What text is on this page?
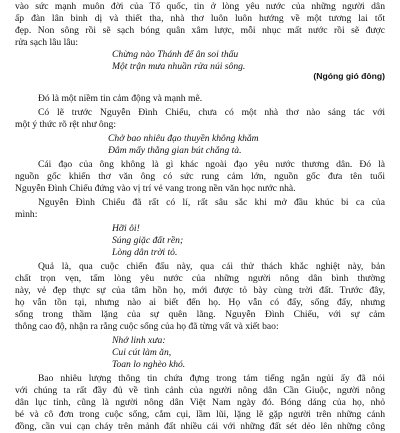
vào sức mạnh muôn đời của Tổ quốc, tin ở lòng yêu nước của những người dân
ấp đàn lân binh dị và thiết tha, nhà thơ luôn luôn hướng về một tương lai tốt
đẹp. Non sông rồi sẽ sạch bóng quân xâm lược, mỗi nhục mất nước rồi sẽ được
rửa sạch lâu lâu:
Chừng nào Thánh đế ân soi thấu
Một trận mưa nhuần rửa núi sông.
(Ngóng gió đông)
Đó là một niềm tin cảm động và mạnh mẽ.
Có lẽ trước Nguyễn Đình Chiểu, chưa có một nhà thơ nào sáng tác với
một ý thức rõ rệt như ông:
Chở bao nhiêu đạo thuyền không khẳm
Đâm mấy thằng gian bút chẳng tà.
Cái đạo của ông không là gì khác ngoài đạo yêu nước thương dân. Đó là
nguồn gốc khiến thơ văn ông có sức rung cảm lớn, nguồn gốc đưa tên tuổi
Nguyễn Đình Chiểu đứng vào vị trí vẻ vang trong nền văn học nước nhà.
Nguyễn Đình Chiểu đã rất có lí, rất sâu sắc khi mở đầu khúc bi ca của
mình:
Hỡi ôi!
Súng giặc đất rền;
Lòng dân trời tỏ.
Quả là, qua cuộc chiến đấu này, qua cái thử thách khắc nghiệt này, bản
chất trọn vẹn, tấm lòng yêu nước của những người nông dân bình thường
này, vẻ đẹp thực sự của tâm hồn họ, mới được tỏ bày cùng trời đất. Trước đây,
họ vẫn tồn tại, nhưng nào ai biết đến họ. Họ vẫn có đấy, sống đấy, nhưng
sống trong thầm lặng của sự quên lãng. Nguyễn Đình Chiểu, với sự cảm
thông cao độ, nhận ra rằng cuộc sống của họ đã từng vất và xiết bao:
Nhớ linh xưa:
Cui cút làm ăn,
Toan lo nghèo khó.
Bao nhiêu lượng thông tin chứa đựng trong tám tiếng ngắn ngủi ấy đã nói
với chúng ta rất đầy đủ về tình cảnh của người nông dân Cần Giuộc, người nông
dân lục tỉnh, cũng là người nông dân Việt Nam ngày đó. Bóng dáng của họ, nhỏ
bé và cô đơn trong cuộc sống, cắm cụi, lầm lũi, lặng lẽ gặp người trên những cánh
đồng, cần vui cạn cháy trên mảnh đất nhiều cái với những đất sét dẻo lên những công
